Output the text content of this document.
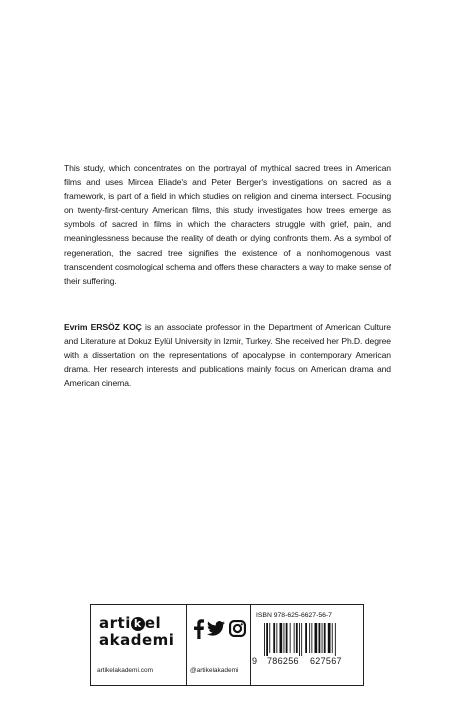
This study, which concentrates on the portrayal of mythical sacred trees in American films and uses Mircea Eliade's and Peter Berger's investigations on sacred as a framework, is part of a field in which studies on religion and cinema intersect. Focusing on twenty-first-century American films, this study investigates how trees emerge as symbols of sacred in films in which the characters struggle with grief, pain, and meaninglessness because the reality of death or dying confronts them. As a symbol of regeneration, the sacred tree signifies the existence of a nonhomogenous vast transcendent cosmological schema and offers these characters a way to make sense of their suffering.
Evrim ERSÖZ KOÇ is an associate professor in the Department of American Culture and Literature at Dokuz Eylül University in Izmir, Turkey. She received her Ph.D. degree with a dissertation on the representations of apocalypse in contemporary American drama. Her research interests and publications mainly focus on American drama and American cinema.
arti k el
akademi
artikelakademi.com	@artikelakademi
ISBN 978-625-6627-56-7
9 786256 627567
